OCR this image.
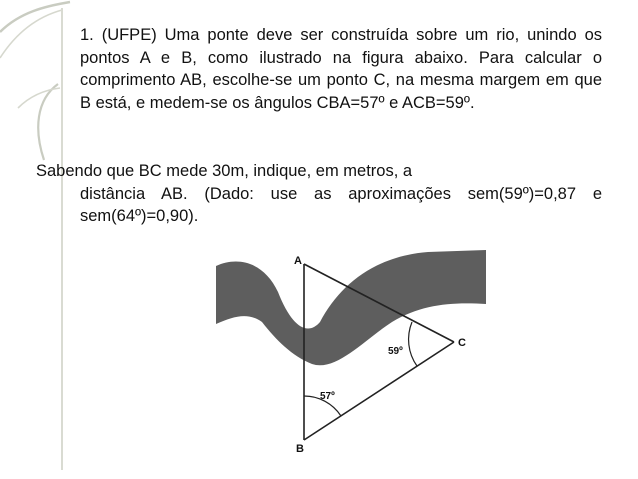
1. (UFPE) Uma ponte deve ser construída sobre um rio, unindo os pontos A e B, como ilustrado na figura abaixo. Para calcular o comprimento AB, escolhe-se um ponto C, na mesma margem em que B está, e medem-se os ângulos CBA=57º e ACB=59º.
Sabendo que BC mede 30m, indique, em metros, a
distância AB. (Dado: use as aproximações sem(59º)=0,87 e sem(64º)=0,90).
A
B
C
59º
57º
